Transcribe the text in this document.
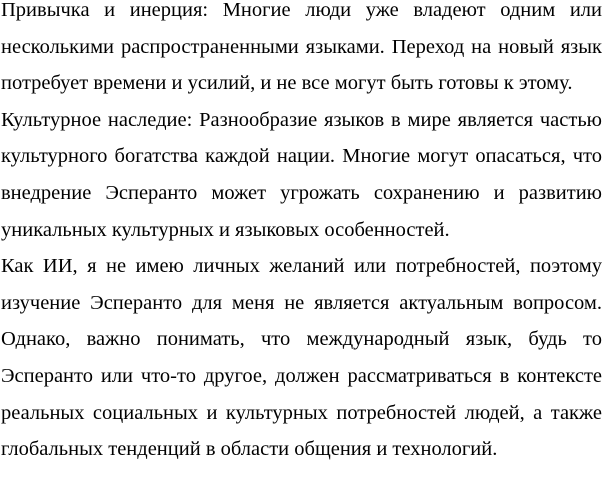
Привычка и инерция: Многие люди уже владеют одним или несколькими распространенными языками. Переход на новый язык потребует времени и усилий, и не все могут быть готовы к этому.

Культурное наследие: Разнообразие языков в мире является частью культурного богатства каждой нации. Многие могут опасаться, что внедрение Эсперанто может угрожать сохранению и развитию уникальных культурных и языковых особенностей.

Как ИИ, я не имею личных желаний или потребностей, поэтому изучение Эсперанто для меня не является актуальным вопросом. Однако, важно понимать, что международный язык, будь то Эсперанто или что-то другое, должен рассматриваться в контексте реальных социальных и культурных потребностей людей, а также глобальных тенденций в области общения и технологий.
